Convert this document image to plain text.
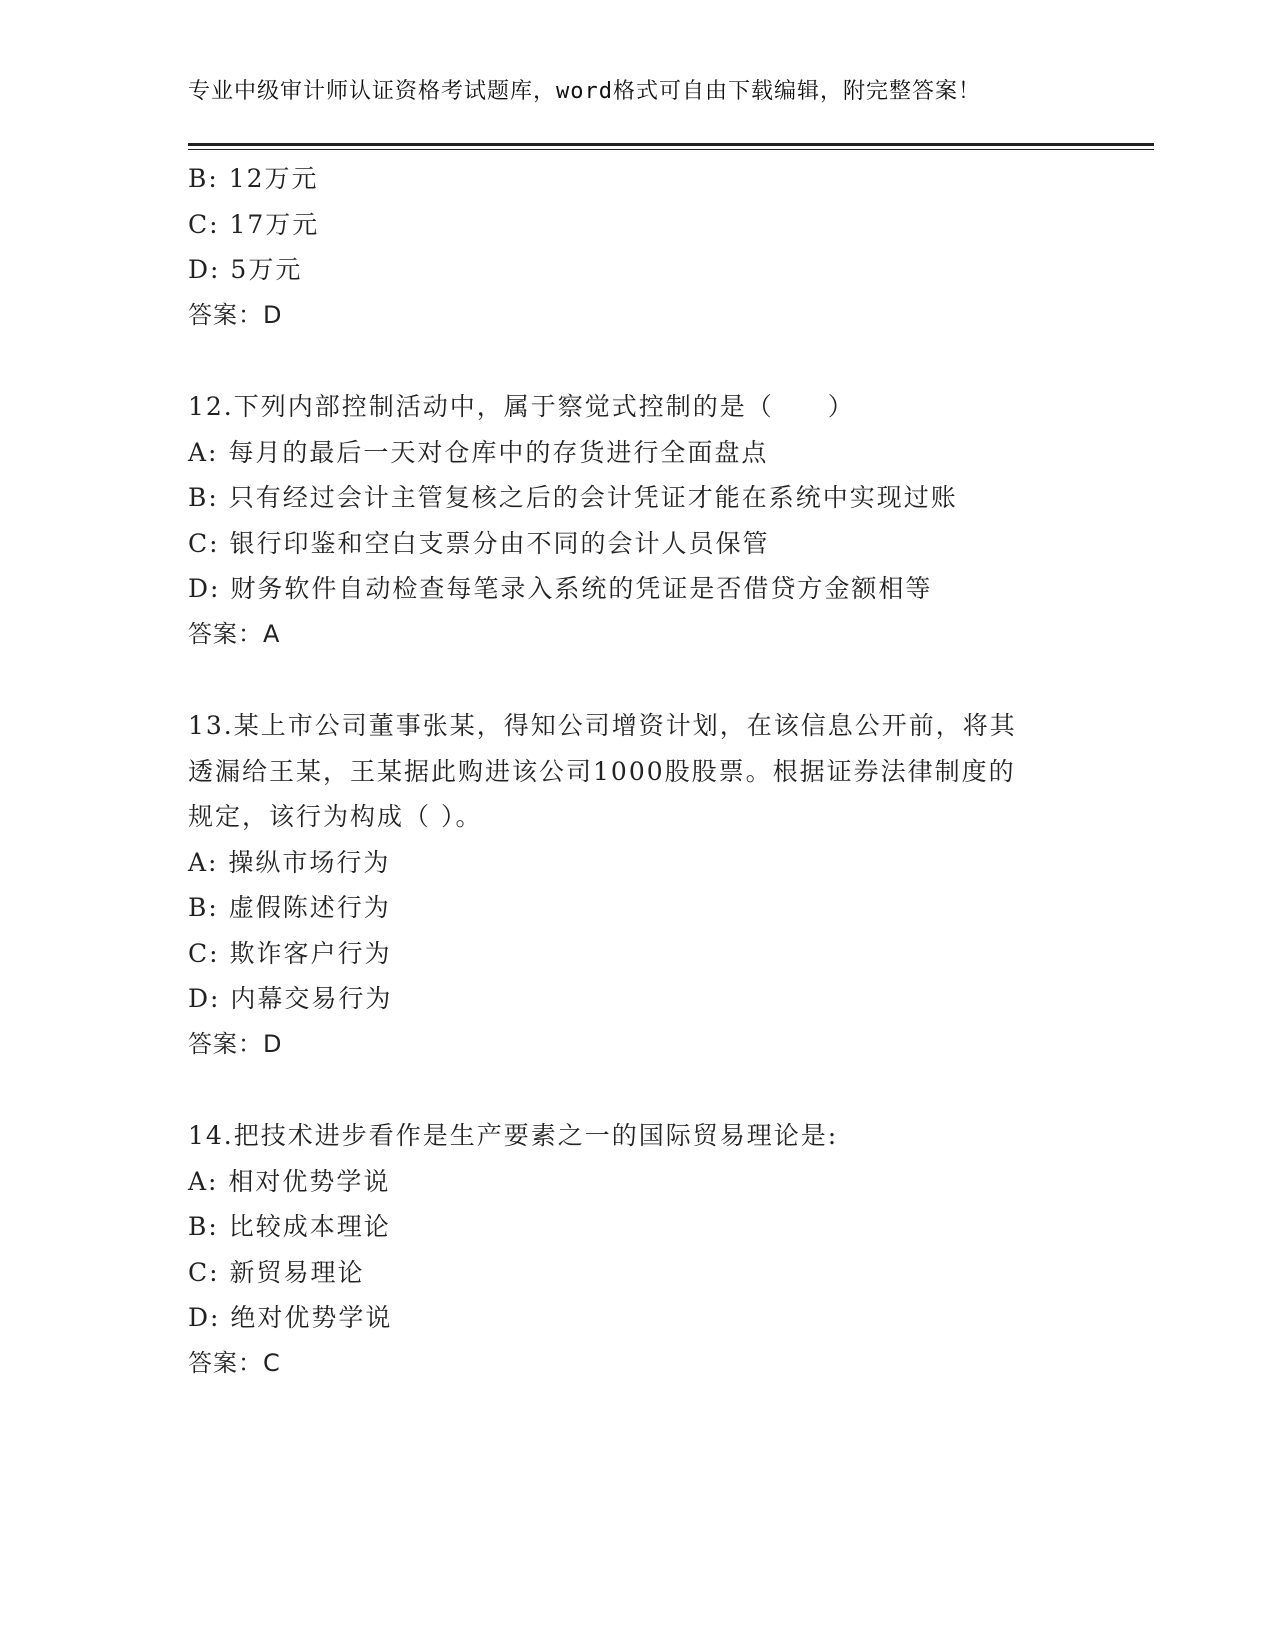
专业中级审计师认证资格考试题库，word格式可自由下载编辑，附完整答案！
B: 12万元
C: 17万元
D: 5万元
答案：D
12.下列内部控制活动中，属于察觉式控制的是（　　）
A: 每月的最后一天对仓库中的存货进行全面盘点
B: 只有经过会计主管复核之后的会计凭证才能在系统中实现过账
C: 银行印鉴和空白支票分由不同的会计人员保管
D: 财务软件自动检查每笔录入系统的凭证是否借贷方金额相等
答案：A
13.某上市公司董事张某，得知公司增资计划，在该信息公开前，将其
透漏给王某，王某据此购进该公司1000股股票。根据证券法律制度的
规定，该行为构成（ ）。
A: 操纵市场行为
B: 虚假陈述行为
C: 欺诈客户行为
D: 内幕交易行为
答案：D
14.把技术进步看作是生产要素之一的国际贸易理论是:
A: 相对优势学说
B: 比较成本理论
C: 新贸易理论
D: 绝对优势学说
答案：C
